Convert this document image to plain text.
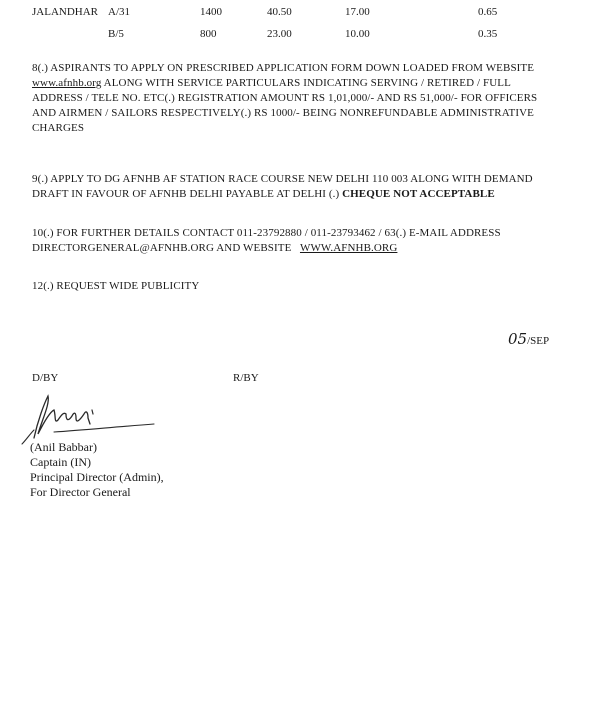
JALANDHAR A/31	1400	40.50	17.00	0.65
B/5	800	23.00	10.00	0.35
8(.) ASPIRANTS TO APPLY ON PRESCRIBED APPLICATION FORM DOWN LOADED FROM WEBSITE
www.afnhb.org ALONG WITH SERVICE PARTICULARS INDICATING SERVING / RETIRED / FULL
ADDRESS / TELE NO. ETC(.) REGISTRATION AMOUNT RS 1,01,000/- AND RS 51,000/- FOR OFFICERS
AND AIRMEN / SAILORS RESPECTIVELY(.) RS 1000/- BEING NONREFUNDABLE ADMINISTRATIVE
CHARGES
9(.) APPLY TO DG AFNHB AF STATION RACE COURSE NEW DELHI 110 003 ALONG WITH DEMAND
DRAFT IN FAVOUR OF AFNHB DELHI PAYABLE AT DELHI (.) CHEQUE NOT ACCEPTABLE
10(.) FOR FURTHER DETAILS CONTACT 011-23792880 / 011-23793462 / 63(.) E-MAIL ADDRESS
DIRECTORGENERAL@AFNHB.ORG AND WEBSITE WWW.AFNHB.ORG
12(.) REQUEST WIDE PUBLICITY
05/SEP
D/BY	R/BY
(Anil Babbar)
Captain (IN)
Principal Director (Admin),
For Director General
